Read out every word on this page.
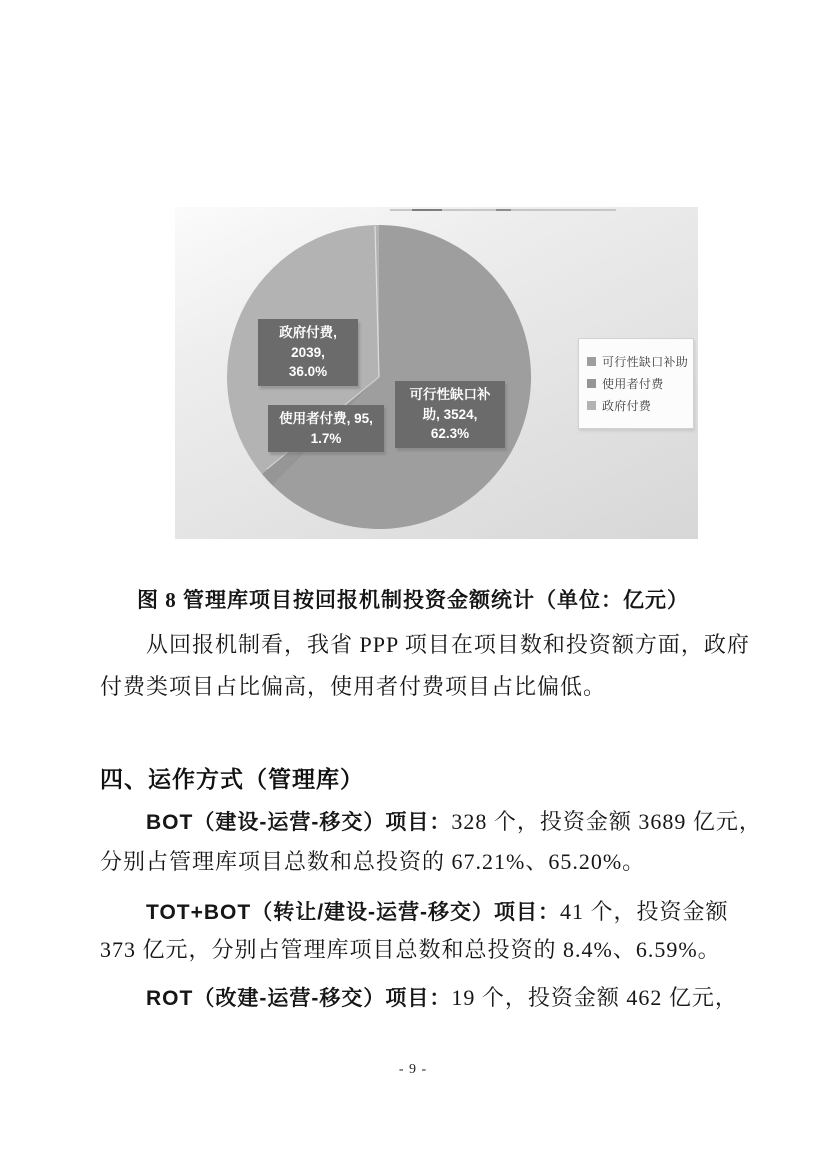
政府付费, 2039,
36.0%
使用者付费, 95,
1.7%
可行性缺口补
助, 3524, 62.3%
可行性缺口补助
使用者付费
政府付费
图 8 管理库项目按回报机制投资金额统计（单位：亿元）
从回报机制看，我省 PPP 项目在项目数和投资额方面，政府
付费类项目占比偏高，使用者付费项目占比偏低。
四、运作方式（管理库）
BOT（建设-运营-移交）项目：328 个，投资金额 3689 亿元，
分别占管理库项目总数和总投资的 67.21%、65.20%。
TOT+BOT（转让/建设-运营-移交）项目：41 个，投资金额
373 亿元，分别占管理库项目总数和总投资的 8.4%、6.59%。
ROT（改建-运营-移交）项目：19 个，投资金额 462 亿元，
- 9 -
